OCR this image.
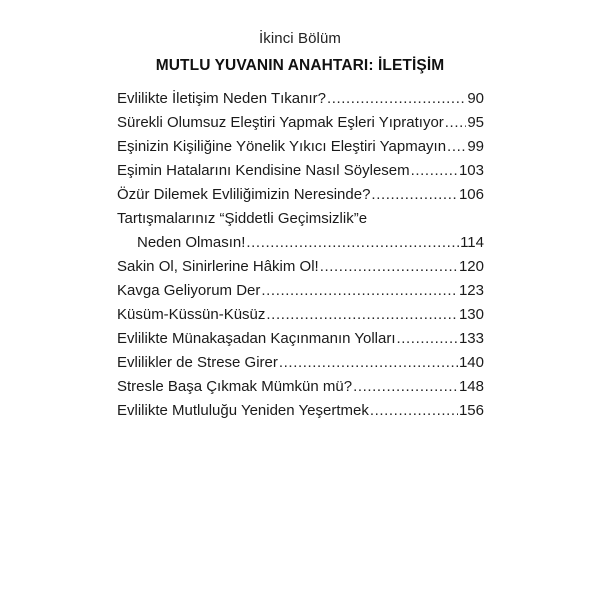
İkinci Bölüm
MUTLU YUVANIN ANAHTARI: İLETİŞİM
Evlilikte İletişim Neden Tıkanır? .....	90
Sürekli Olumsuz Eleştiri Yapmak Eşleri Yıpratıyor ..... 95
Eşinizin Kişiliğine Yönelik Yıkıcı Eleştiri Yapmayın ..... 99
Eşimin Hatalarını Kendisine Nasıl Söylesem .....	103
Özür Dilemek Evliliğimizin Neresinde? .....	106
Tartışmalarınız “Şiddetli Geçimsizlik”e
Neden Olmasın! .....	114
Sakin Ol, Sinirlerine Hâkim Ol! .....	120
Kavga Geliyorum Der .....	123
Küsüm-Küssün-Küsüz .....	130
Evlilikte Münakaşadan Kaçınmanın Yolları .....	133
Evlilikler de Strese Girer .....	140
Stresle Başa Çıkmak Mümkün mü? .....	148
Evlilikte Mutluluğu Yeniden Yeşertmek .....	156
